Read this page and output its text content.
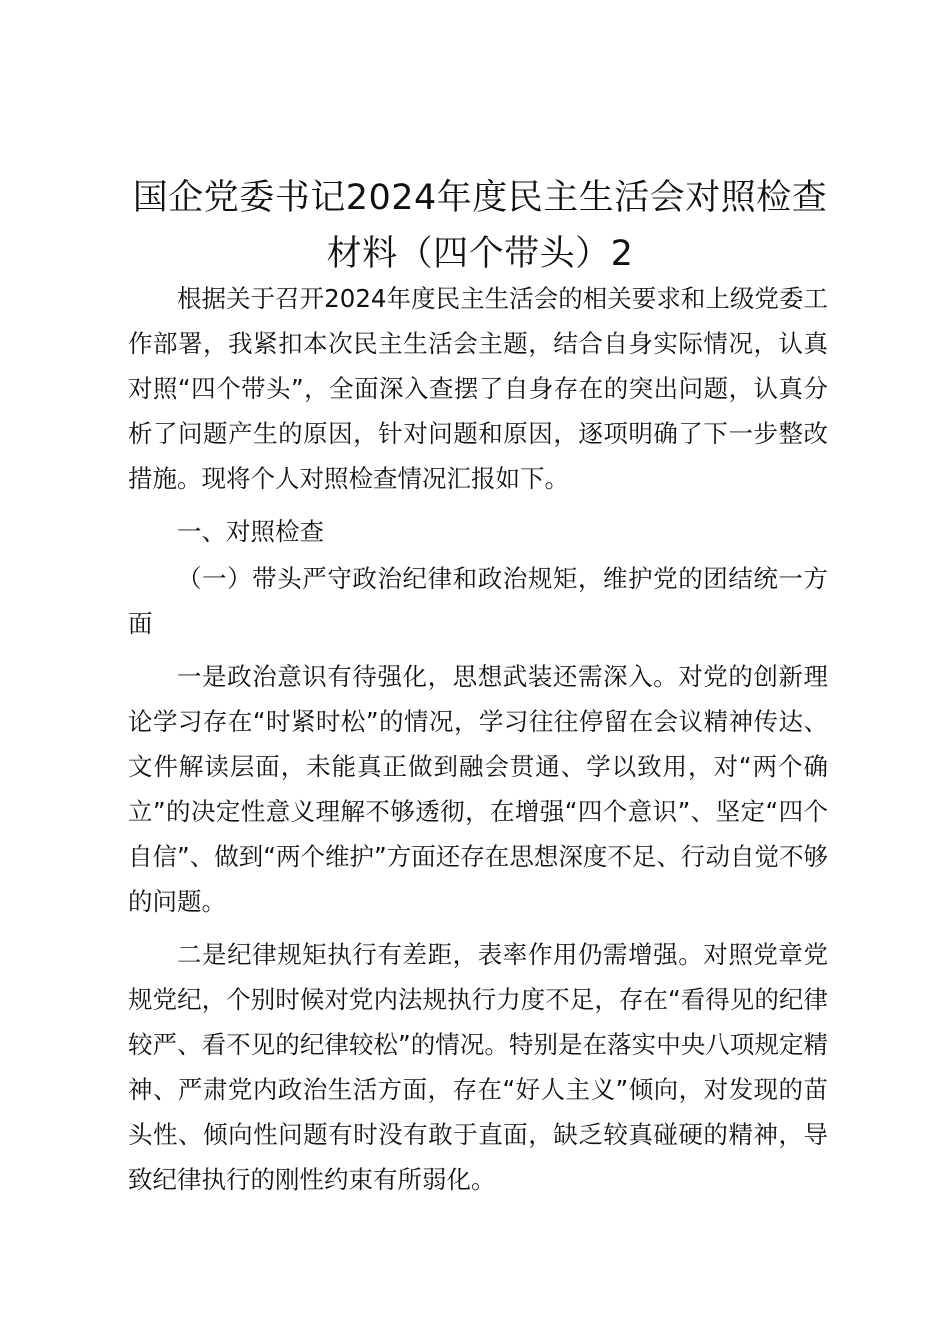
国企党委书记2024年度民主生活会对照检查材料（四个带头）2

根据关于召开2024年度民主生活会的相关要求和上级党委工作部署，我紧扣本次民主生活会主题，结合自身实际情况，认真对照“四个带头”，全面深入查摆了自身存在的突出问题，认真分析了问题产生的原因，针对问题和原因，逐项明确了下一步整改措施。现将个人对照检查情况汇报如下。

一、对照检查

（一）带头严守政治纪律和政治规矩，维护党的团结统一方面

一是政治意识有待强化，思想武装还需深入。对党的创新理论学习存在“时紧时松”的情况，学习往往停留在会议精神传达、文件解读层面，未能真正做到融会贯通、学以致用，对“两个确立”的决定性意义理解不够透彻，在增强“四个意识”、坚定“四个自信”、做到“两个维护”方面还存在思想深度不足、行动自觉不够的问题。

二是纪律规矩执行有差距，表率作用仍需增强。对照党章党规党纪，个别时候对党内法规执行力度不足，存在“看得见的纪律较严、看不见的纪律较松”的情况。特别是在落实中央八项规定精神、严肃党内政治生活方面，存在“好人主义”倾向，对发现的苗头性、倾向性问题有时没有敢于直面，缺乏较真碰硬的精神，导致纪律执行的刚性约束有所弱化。
